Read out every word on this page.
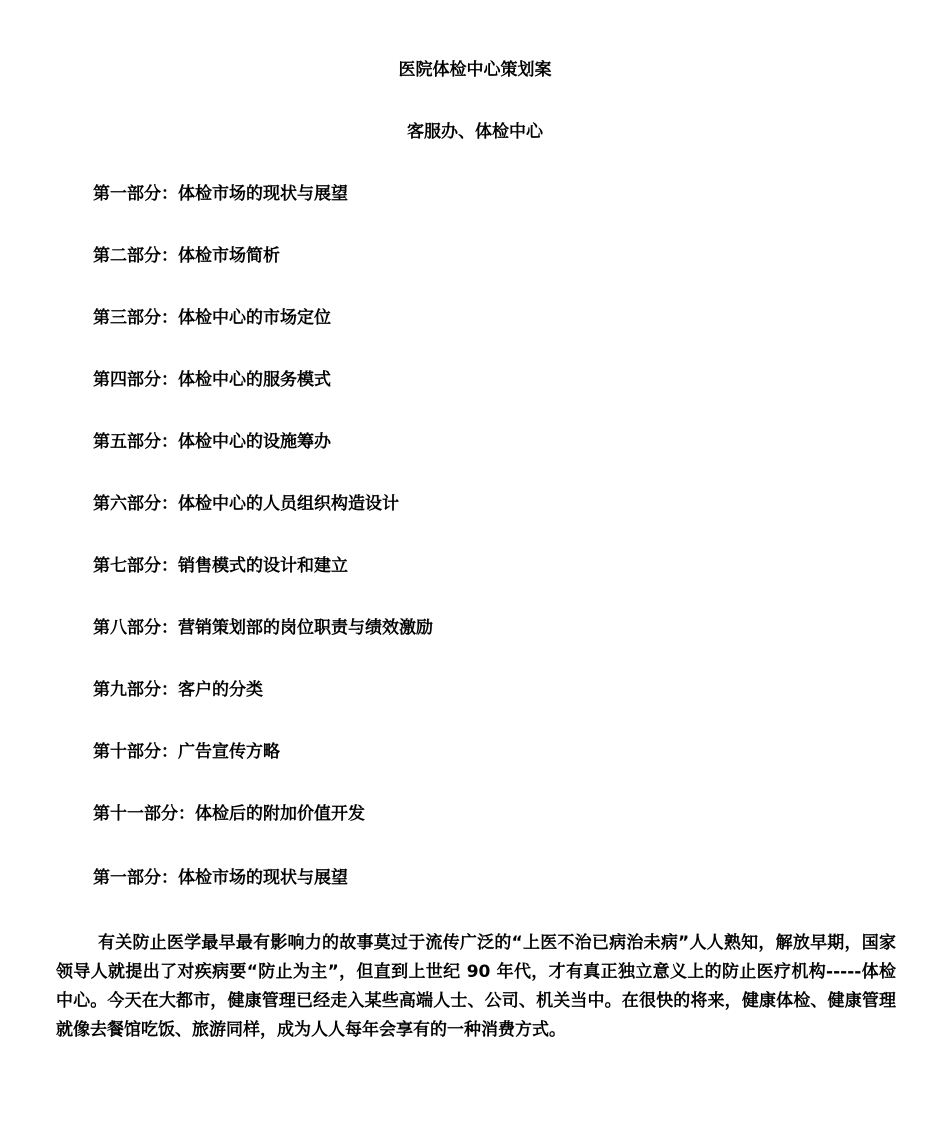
医院体检中心策划案
客服办、体检中心
第一部分：体检市场的现状与展望
第二部分：体检市场简析
第三部分：体检中心的市场定位
第四部分：体检中心的服务模式
第五部分：体检中心的设施筹办
第六部分：体检中心的人员组织构造设计
第七部分：销售模式的设计和建立
第八部分：营销策划部的岗位职责与绩效激励
第九部分：客户的分类
第十部分：广告宣传方略
第十一部分：体检后的附加价值开发
第一部分：体检市场的现状与展望

有关防止医学最早最有影响力的故事莫过于流传广泛的“上医不治已病治未病”人人熟知，解放早期，国家领导人就提出了对疾病要“防止为主”，但直到上世纪 90 年代，才有真正独立意义上的防止医疗机构-----体检中心。今天在大都市，健康管理已经走入某些高端人士、公司、机关当中。在很快的将来，健康体检、健康管理就像去餐馆吃饭、旅游同样，成为人人每年会享有的一种消费方式。
